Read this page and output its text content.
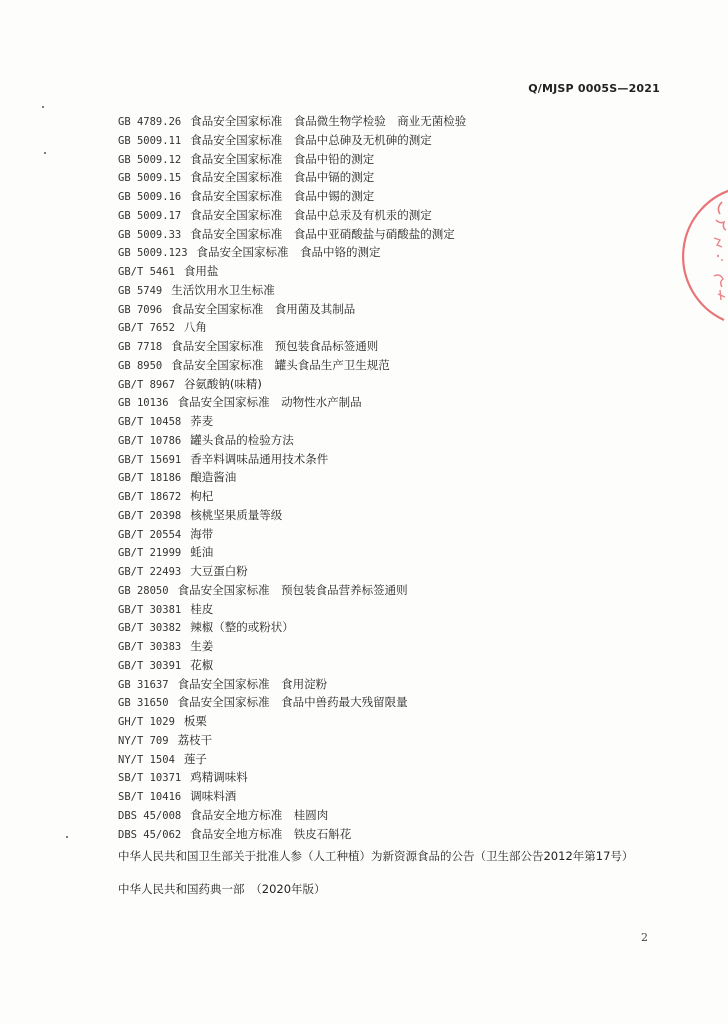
Q/MJSP 0005S—2021
GB 4789.26 食品安全国家标准　食品微生物学检验　商业无菌检验
GB 5009.11 食品安全国家标准　食品中总砷及无机砷的测定
GB 5009.12 食品安全国家标准　食品中铅的测定
GB 5009.15 食品安全国家标准　食品中镉的测定
GB 5009.16 食品安全国家标准　食品中锡的测定
GB 5009.17 食品安全国家标准　食品中总汞及有机汞的测定
GB 5009.33 食品安全国家标准　食品中亚硝酸盐与硝酸盐的测定
GB 5009.123 食品安全国家标准　食品中铬的测定
GB/T 5461 食用盐
GB 5749 生活饮用水卫生标准
GB 7096 食品安全国家标准　食用菌及其制品
GB/T 7652 八角
GB 7718 食品安全国家标准　预包装食品标签通则
GB 8950 食品安全国家标准　罐头食品生产卫生规范
GB/T 8967 谷氨酸钠(味精)
GB 10136 食品安全国家标准　动物性水产制品
GB/T 10458 荞麦
GB/T 10786 罐头食品的检验方法
GB/T 15691 香辛料调味品通用技术条件
GB/T 18186 酿造酱油
GB/T 18672 枸杞
GB/T 20398 核桃坚果质量等级
GB/T 20554 海带
GB/T 21999 蚝油
GB/T 22493 大豆蛋白粉
GB 28050 食品安全国家标准　预包装食品营养标签通则
GB/T 30381 桂皮
GB/T 30382 辣椒（整的或粉状）
GB/T 30383 生姜
GB/T 30391 花椒
GB 31637 食品安全国家标准　食用淀粉
GB 31650 食品安全国家标准　食品中兽药最大残留限量
GH/T 1029 板栗
NY/T 709 荔枝干
NY/T 1504 莲子
SB/T 10371 鸡精调味料
SB/T 10416 调味料酒
DBS 45/008 食品安全地方标准　桂圆肉
DBS 45/062 食品安全地方标准　铁皮石斛花

中华人民共和国卫生部关于批准人参（人工种植）为新资源食品的公告（卫生部公告2012年第17号）

中华人民共和国药典一部　（2020年版）
2
